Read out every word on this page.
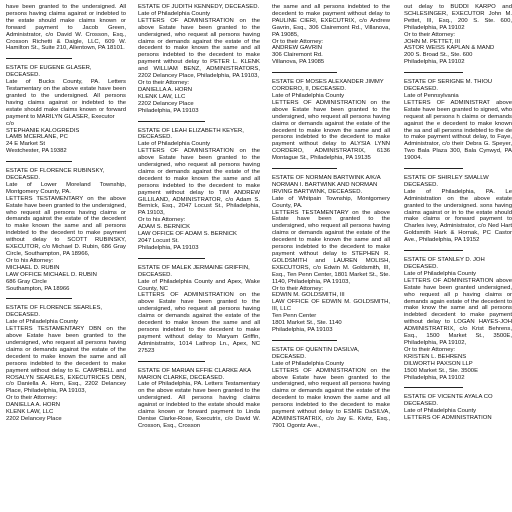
have been granted to the undersigned. All persons having claims against or indebted to the estate should make claims known or forward payment to Jacob Green, Administrator, c/o David W. Crosson, Esq., Crosson Richetti & Daigle, LLC, 609 W. Hamilton St., Suite 210, Allentown, PA 18101.
ESTATE OF EUGENE GLASER, DECEASED.
Late of Bucks County, PA. Letters Testamentary on the above estate have been granted to the undersigned. All persons having claims against or indebted to the estate should make claims known or forward payment to MARILYN GLASER, Executor
c/o
STEPHANIE KALOGREDIS
LAMB MCERLANE, PC
24 E Market St
Westchester, PA 19382
ESTATE OF FLORENCE RUBINSKY, DECEASED.
Late of Lower Moreland Township, Montgomery County, PA.
LETTERS TESTAMENTARY on the above Estate have been granted to the undersigned, who request all persons having claims or demands against the estate of the decedent to make known the same and all persons indebted to the decedent to make payment without delay to SCOTT RUBINSKY, EXECUTOR, c/o Michael D. Rubin, 686 Gray Circle, Southampton, PA 18966,
Or to his Attorney:
MICHAEL D. RUBIN
LAW OFFICE MICHAEL D. RUBIN
686 Gray Circle
Southampton, PA 18966
ESTATE OF FLORENCE SEARLES, DECEASED.
Late of Philadelphia County
LETTERS TESTAMENTARY DBN on the above Estate have been granted to the undersigned, who request all persons having claims or demands against the estate of the decedent to make known the same and all persons indebted to the decedent to make payment without delay to E. CAMPBELL and ROSALYN SEARLES, EXECUTRICES DBN, c/o Daniella A. Horn, Esq., 2202 Delancey Place, Philadelphia, PA 19103,
Or to their Attorney:
DANIELLA A. HORN
KLENK LAW, LLC
2202 Delancey Place
ESTATE OF JUDITH KENNEDY, DECEASED.
Late of Philadelphia County
LETTERS OF ADMINISTRATION on the above Estate have been granted to the undersigned, who request all persons having claims or demands against the estate of the decedent to make known the same and all persons indebted to the decedent to make payment without delay to PETER L. KLENK and WILLIAM BENZ, ADMINISTRATORS, 2202 Delancey Place, Philadelphia, PA 19103,
Or to their Attorney:
DANIELLA A. HORN
KLENK LAW, LLC
2202 Delancey Place
Philadelphia, PA 19103
ESTATE OF LEAH ELIZABETH KEYER, DECEASED.
Late of Philadelphia County
LETTERS OF ADMINISTRATION on the above Estate have been granted to the undersigned, who request all persons having claims or demands against the estate of the decedent to make known the same and all persons indebted to the decedent to make payment without delay to TIM ANDREW GILLILAND, ADMINISTRATOR, c/o Adam S. Bernick, Esq., 2047 Locust St., Philadelphia, PA 19103,
Or to his Attorney:
ADAM S. BERNICK
LAW OFFICE OF ADAM S. BERNICK
2047 Locust St.
Philadelphia, PA 19103
ESTATE OF MALEK JERMAINE GRIFFIN, DECEASED.
Late of Philadelphia County and Apex, Wake County, NC
LETTERS OF ADMINISTRATION on the above Estate have been granted to the undersigned, who request all persons having claims or demands against the estate of the decedent to make known the same and all persons indebted to the decedent to make payment without delay to Maryam Griffin, Administratrix, 1014 Lathrop Ln., Apex, NC 27523
ESTATE OF MARIAN EFFIE CLARKE AKA MARION CLARKE, DECEASED.
Late of Philadelphia, PA. Letters Testamentary on the above estate have been granted to the undersigned. All persons having claims against or indebted to the estate should make claims known or forward payment to Linda Denise Clarke-Rose, Executrix, c/o David W. Crosson, Esq., Crosson
the same and all persons indebted to the decedent to make payment without delay to PAULINE CIERI, EXECUTRIX, c/o Andrew Gavrin, Esq., 306 Clairemont Rd., Villanova, PA 19085,
Or to their Attorney:
ANDREW GAVRIN
306 Clairemont Rd.
Villanova, PA 19085
ESTATE OF MOSES ALEXANDER JIMMY CORDERO, II, DECEASED.
Late of Philadelphia County
LETTERS OF ADMINISTRATION on the above Estate have been granted to the undersigned, who request all persons having claims or demands against the estate of the decedent to make known the same and all persons indebted to the decedent to make payment without delay to ALYSIA LYNN CORDERO, ADMINISTRATRIX, 6136 Montague St., Philadelphia, PA 19135
ESTATE OF NORMAN BARTWINK A/K/A NORMAN I. BARTWINK AND NORMAN IRVING BARTWINK, DECEASED.
Late of Whitpain Township, Montgomery County, PA.
LETTERS TESTAMENTARY on the above Estate have been granted to the undersigned, who request all persons having claims or demands against the estate of the decedent to make known the same and all persons indebted to the decedent to make payment without delay to STEPHEN R. GOLDSMITH and LAUREN MOLISH, EXECUTORS, c/o Edwin M. Goldsmith, III, Esq., Ten Penn Center, 1801 Market St., Ste. 1140, Philadelphia, PA 19103,
Or to their Attorney:
EDWIN M. GOLDSMITH, III
LAW OFFICE OF EDWIN M. GOLDSMITH, III, LLC
Ten Penn Center
1801 Market St., Ste. 1140
Philadelphia, PA 19103
ESTATE OF QUENTIN DASILVA, DECEASED.
Late of Philadelphia County
LETTERS OF ADMINISTRATION on the above Estate have been granted to the undersigned, who request all persons having claims or demands against the estate of the decedent to make known the same and all persons indebted to the decedent to make payment without delay to ESMIE DaSILVA, ADMINISTRATRIX, c/o Jay E. Kivitz, Esq., 7901 Ogontz Ave.,
out delay to BUDDI KARPO and SCHLESINGER, EXECUTOR John M. Pettet, III, Esq., 200 S. Ste. 600, Philadelphia, PA 19102
Or to their Attorney:
JOHN M. PETTET, III
ASTOR WEISS KAPLAN & MAND
200 S. Broad St., Ste. 600
Philadelphia, PA 19102
ESTATE OF SERIGNE M. THIOU DECEASED.
Late of Pennsylvania
LETTERS OF ADMINISTRAT above Estate have been granted to signed, who request all persons h claims or demands against the e decedent to make known the sa and all persons indebted to the de to make payment without delay, to Faye, Administrator, c/o their Debra G. Speyer, Two Bala Plaza 300, Bala Cynwyd, PA 19004.
ESTATE OF SHIRLEY SMALLW DECEASED.
Late of Philadelphia, PA. Le Administration on the above estate granted to the undersigned. sons having claims against or in to the estate should make claims or forward payment to Charles ivey, Administrator, c/o Ned Hart Goldsmith Hark & Hornak, PC Castor Ave., Philadelphia, PA 19152
ESTATE OF STANLEY D. JOH DECEASED.
Late of Philadelphia County
LETTERS OF ADMINISTRATION above Estate have been granted undersigned, who request all p having claims or demands again estate of the decedent to make know the same and all persons indebted decedent to make payment without delay to LOGAN HAYES-JOH ADMINISTRATRIX, c/o Krist Behrens, Esq., 1500 Market St., 3500E, Philadelphia, PA 19102,
Or to their Attorney:
KRISTEN L. BEHRENS
DILWORTH PAXSON LLP
1500 Market St., Ste. 3500E
Philadelphia, PA 19102
ESTATE OF VICENTE AYALA CO DECEASED.
Late of Philadelphia County
LETTERS OF ADMINISTRATION
